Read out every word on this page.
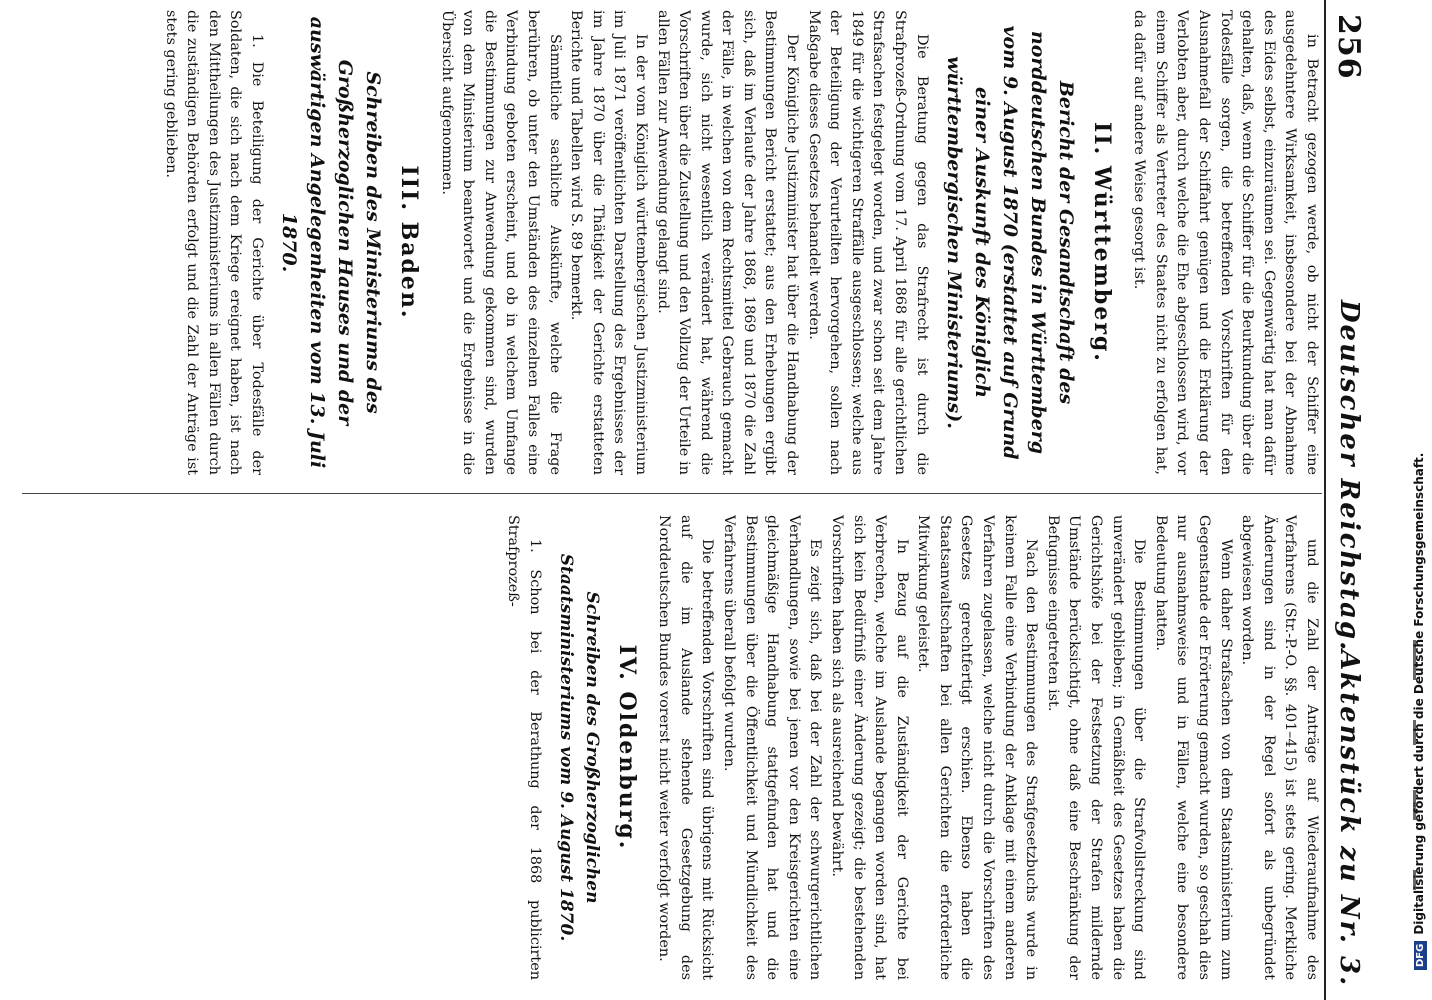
256
Deutscher Reichstag.
Aktenstück zu Nr. 3.

in Betracht gezogen werde, ob nicht der Schiffer eine ausgedehntere Wirksamkeit, insbesondere bei der Abnahme des Eides selbst, einzuräumen sei. Gegenwärtig hat man dafür gehalten, daß, wenn die Schiffer für die Beurkundung über die Todesfälle sorgen, die betreffenden Vorschriften für den Ausnahmefall der Schiffahrt genügen und die Erklärung der Verlobten aber, durch welche die Ehe abgeschlossen wird, vor einem Schiffer als Vertreter des Staates nicht zu erfolgen hat, da dafür auf andere Weise gesorgt ist.

II. Württemberg.
Bericht der Gesandtschaft des norddeutschen Bundes in Württemberg vom 9. August 1870 (erstattet auf Grund einer Auskunft des Königlich württembergischen Ministeriums).

Die Beratung gegen das Strafrecht ist durch die Strafprozeß-Ordnung vom 17. April 1868 für alle gerichtlichen Strafsachen festgelegt worden, und zwar schon seit dem Jahre 1849 für die wichtigeren Straffälle ausgeschlossen; welche aus der Beteiligung der Verurteilten hervorgehen, sollen nach Maßgabe dieses Gesetzes behandelt werden.

Der Königliche Justizminister hat über die Handhabung der Bestimmungen Bericht erstattet; aus den Erhebungen ergibt sich, daß im Verlaufe der Jahre 1868, 1869 und 1870 die Zahl der Fälle, in welchen von dem Rechtsmittel Gebrauch gemacht wurde, sich nicht wesentlich verändert hat, während die Vorschriften über die Zustellung und den Vollzug der Urteile in allen Fällen zur Anwendung gelangt sind.

In der vom Königlich württembergischen Justizministerium im Juli 1871 veröffentlichten Darstellung des Ergebnisses der im Jahre 1870 über die Thätigkeit der Gerichte erstatteten Berichte und Tabellen wird S. 89 bemerkt.

Sämmtliche sachliche Auskünfte, welche die Frage berühren, ob unter den Umständen des einzelnen Falles eine Verbindung geboten erscheint, und ob in welchem Umfange die Bestimmungen zur Anwendung gekommen sind, wurden von dem Ministerium beantwortet und die Ergebnisse in die Übersicht aufgenommen.

III. Baden.
Schreiben des Ministeriums des Großherzoglichen Hauses und der auswärtigen Angelegenheiten vom 13. Juli 1870.

1. Die Beteiligung der Gerichte über Todesfälle der Soldaten, die sich nach dem Kriege ereignet haben, ist nach den Mittheilungen des Justizministeriums in allen Fällen durch die zuständigen Behörden erfolgt und die Zahl der Anträge ist stets gering geblieben.

und die Zahl der Anträge auf Wiederaufnahme des Verfahrens (Str.-P.-O. §§. 401–415) ist stets gering. Merkliche Änderungen sind in der Regel sofort als unbegründet abgewiesen worden.

Wenn daher Strafsachen von dem Staatsministerium zum Gegenstande der Erörterung gemacht wurden, so geschah dies nur ausnahmsweise und in Fällen, welche eine besondere Bedeutung hatten.

Die Bestimmungen über die Strafvollstreckung sind unverändert geblieben; in Gemäßheit des Gesetzes haben die Gerichtshöfe bei der Festsetzung der Strafen mildernde Umstände berücksichtigt, ohne daß eine Beschränkung der Befugnisse eingetreten ist.

Nach den Bestimmungen des Strafgesetzbuchs wurde in keinem Falle eine Verbindung der Anklage mit einem anderen Verfahren zugelassen, welche nicht durch die Vorschriften des Gesetzes gerechtfertigt erschien. Ebenso haben die Staatsanwaltschaften bei allen Gerichten die erforderliche Mitwirkung geleistet.

In Bezug auf die Zuständigkeit der Gerichte bei Verbrechen, welche im Auslande begangen worden sind, hat sich kein Bedürfniß einer Änderung gezeigt; die bestehenden Vorschriften haben sich als ausreichend bewährt.

Es zeigt sich, daß bei der Zahl der schwurgerichtlichen Verhandlungen, sowie bei jenen vor den Kreisgerichten eine gleichmäßige Handhabung stattgefunden hat und die Bestimmungen über die Öffentlichkeit und Mündlichkeit des Verfahrens überall befolgt wurden.

Die betreffenden Vorschriften sind übrigens mit Rücksicht auf die im Auslande stehende Gesetzgebung des Norddeutschen Bundes vorerst nicht weiter verfolgt worden.

IV. Oldenburg.
Schreiben des Großherzoglichen Staatsministeriums vom 9. August 1870.

1. Schon bei der Berathung der 1868 publicirten Strafprozeß-

DFGDigitalisierung gefördert durch die Deutsche Forschungsgemeinschaft.
